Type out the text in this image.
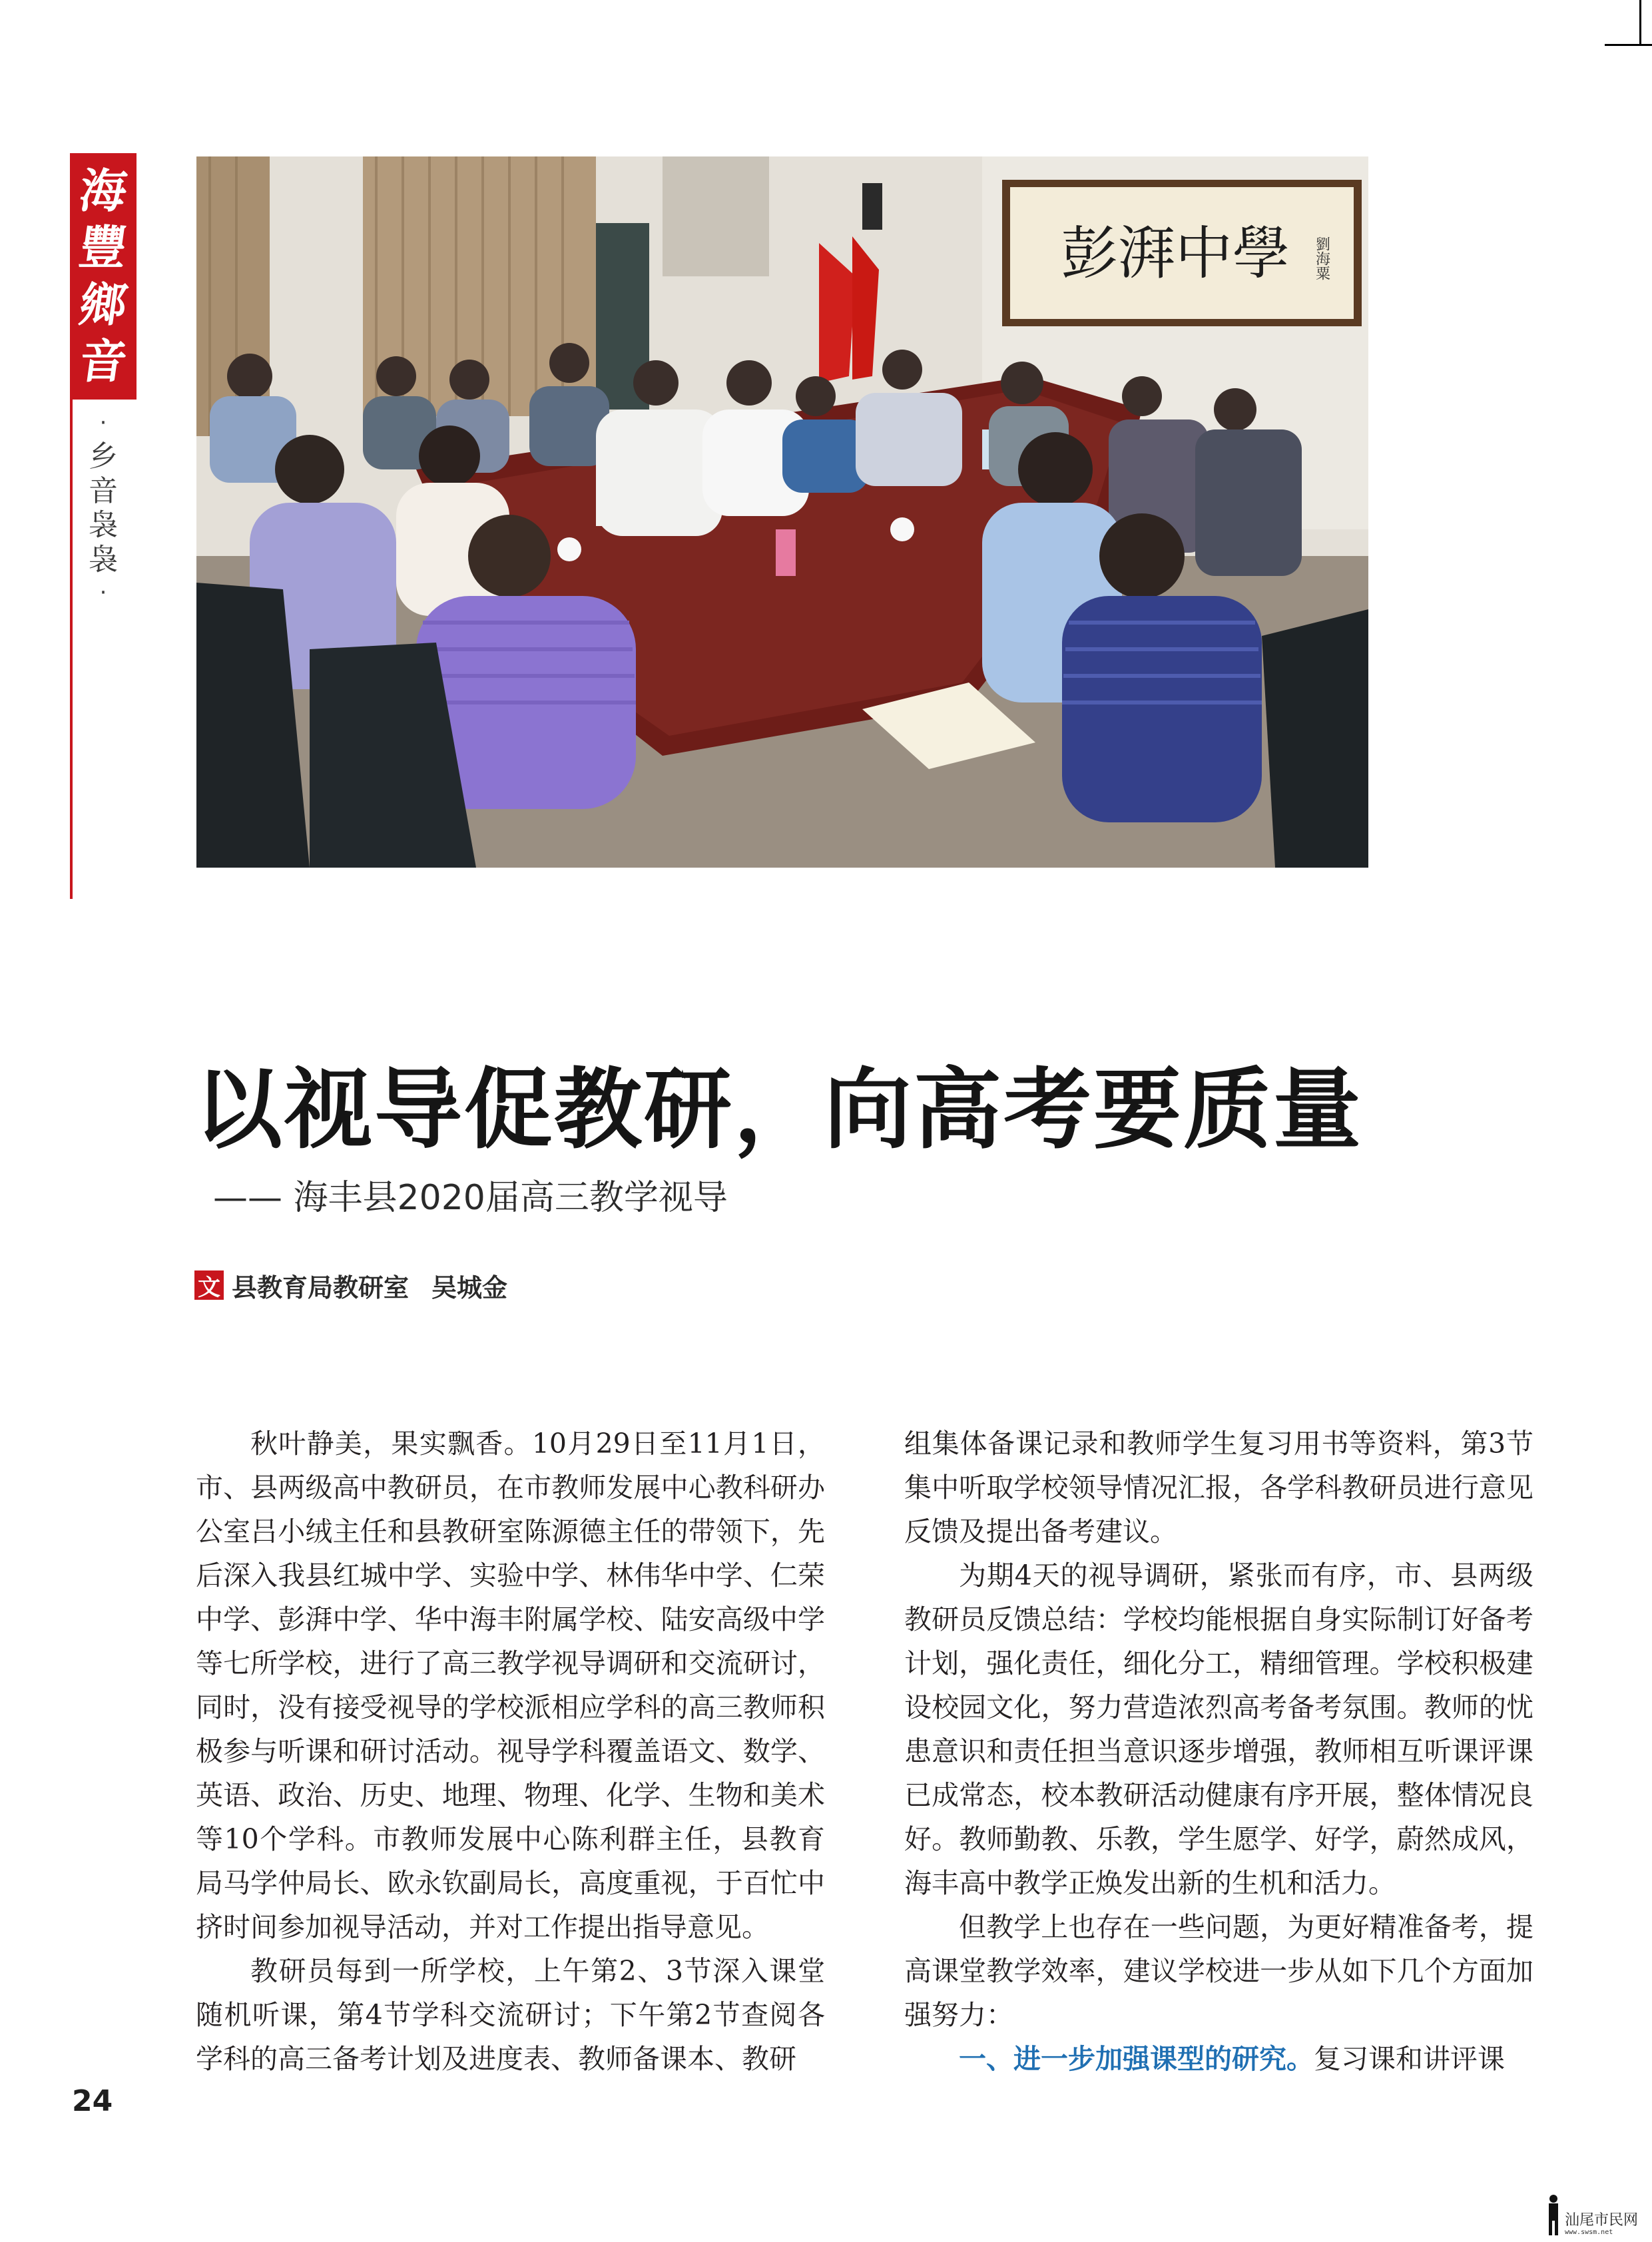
海
豐
鄉
音
·
乡
音
袅
袅
·
彭湃中學 劉海粟
以视导促教研，向高考要质量
—— 海丰县2020届高三教学视导
文 县教育局教研室 吴城金

秋叶静美，果实飘香。10月29日至11月1日，市、县两级高中教研员，在市教师发展中心教科研办公室吕小绒主任和县教研室陈源德主任的带领下，先后深入我县红城中学、实验中学、林伟华中学、仁荣中学、彭湃中学、华中海丰附属学校、陆安高级中学等七所学校，进行了高三教学视导调研和交流研讨，同时，没有接受视导的学校派相应学科的高三教师积极参与听课和研讨活动。视导学科覆盖语文、数学、英语、政治、历史、地理、物理、化学、生物和美术等10个学科。市教师发展中心陈利群主任，县教育局马学仲局长、欧永钦副局长，高度重视，于百忙中挤时间参加视导活动，并对工作提出指导意见。

教研员每到一所学校，上午第2、3节深入课堂随机听课，第4节学科交流研讨；下午第2节查阅各学科的高三备考计划及进度表、教师备课本、教研

组集体备课记录和教师学生复习用书等资料，第3节集中听取学校领导情况汇报，各学科教研员进行意见反馈及提出备考建议。

为期4天的视导调研，紧张而有序，市、县两级教研员反馈总结：学校均能根据自身实际制订好备考计划，强化责任，细化分工，精细管理。学校积极建设校园文化，努力营造浓烈高考备考氛围。教师的忧患意识和责任担当意识逐步增强，教师相互听课评课已成常态，校本教研活动健康有序开展，整体情况良好。教师勤教、乐教，学生愿学、好学，蔚然成风，海丰高中教学正焕发出新的生机和活力。

但教学上也存在一些问题，为更好精准备考，提高课堂教学效率，建议学校进一步从如下几个方面加强努力：

一、进一步加强课型的研究。复习课和讲评课

24
汕尾市民网
www.swsm.net
